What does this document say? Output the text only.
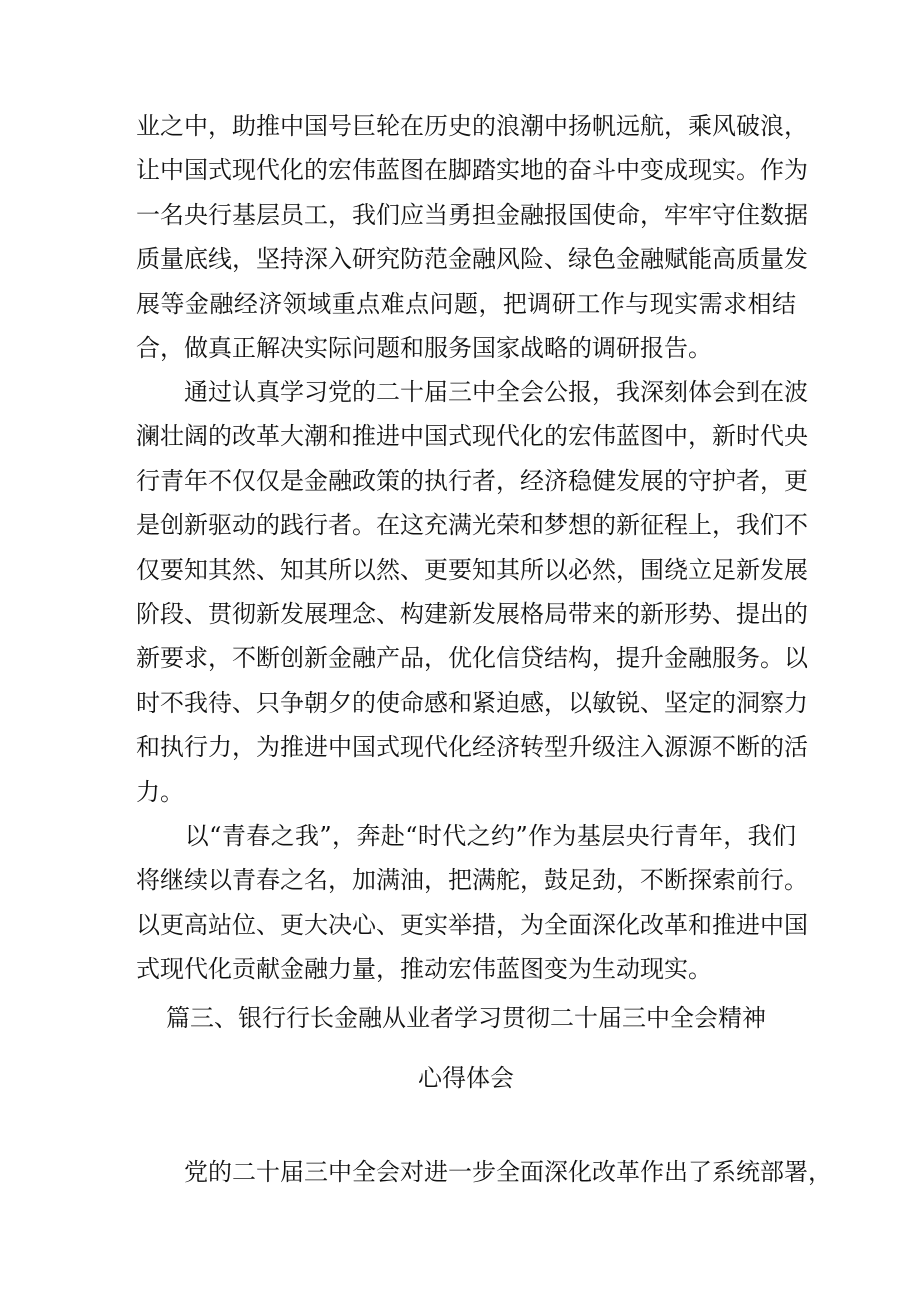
业之中，助推中国号巨轮在历史的浪潮中扬帆远航，乘风破浪，
让中国式现代化的宏伟蓝图在脚踏实地的奋斗中变成现实。作为
一名央行基层员工，我们应当勇担金融报国使命，牢牢守住数据
质量底线，坚持深入研究防范金融风险、绿色金融赋能高质量发
展等金融经济领域重点难点问题，把调研工作与现实需求相结
合，做真正解决实际问题和服务国家战略的调研报告。
　　通过认真学习党的二十届三中全会公报，我深刻体会到在波
澜壮阔的改革大潮和推进中国式现代化的宏伟蓝图中，新时代央
行青年不仅仅是金融政策的执行者，经济稳健发展的守护者，更
是创新驱动的践行者。在这充满光荣和梦想的新征程上，我们不
仅要知其然、知其所以然、更要知其所以必然，围绕立足新发展
阶段、贯彻新发展理念、构建新发展格局带来的新形势、提出的
新要求，不断创新金融产品，优化信贷结构，提升金融服务。以
时不我待、只争朝夕的使命感和紧迫感，以敏锐、坚定的洞察力
和执行力，为推进中国式现代化经济转型升级注入源源不断的活
力。
　　以“青春之我”，奔赴“时代之约”作为基层央行青年，我们
将继续以青春之名，加满油，把满舵，鼓足劲，不断探索前行。
以更高站位、更大决心、更实举措，为全面深化改革和推进中国
式现代化贡献金融力量，推动宏伟蓝图变为生动现实。
篇三、银行行长金融从业者学习贯彻二十届三中全会精神
心得体会
　　党的二十届三中全会对进一步全面深化改革作出了系统部署，
